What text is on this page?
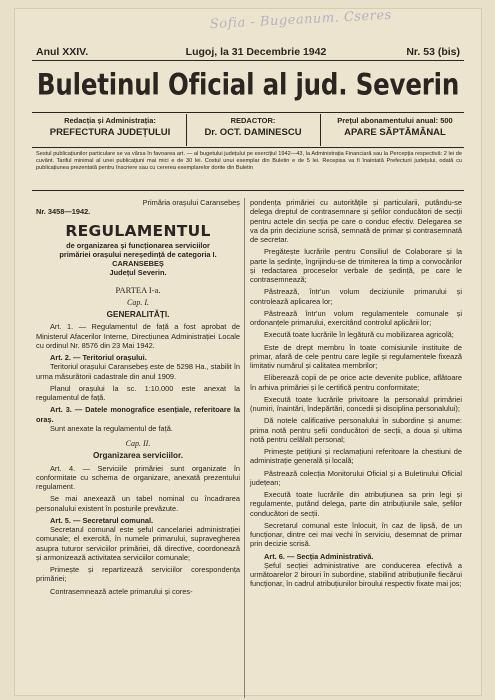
Sofia - Bugeanum. Cseres
Anul XXIV.	Lugoj, la 31 Decembrie 1942	Nr. 53 (bis)
Buletinul Oficial al jud. Severin
Redacția și Administrația:
PREFECTURA JUDEȚULUI
REDACTOR:
Dr. OCT. DAMINESCU
Prețul abonamentului anual: 500
APARE SĂPTĂMÂNAL
Sestul publicațiunilor particulare se va vărsa în favoarea art. — al bugetului județului pe exercițiul 1942—43, la Administrația Financiară sau la Percepția respectivă: 2 lei de cuvânt. Tariful minimal al unei publicațiuni mai mici e de 30 lei. Costul unui exemplar din Buletin e de 5 lei. Recepisa va fi înaintată Prefecturii județului, odată cu publicațiunea prezentată pentru înscriere sau cu cererea exemplarelor dorite din Buletin

Primăria orașului Caransebeș

Nr. 3458—1942.

REGULAMENTUL
de organizarea și funcționarea serviciilor
primăriei orașului nereședință de categoria I.
CARANSEBEȘ
Județul Severin.
PARTEA I-a.
Cap. I.
GENERALITĂȚI.

Art. 1. — Regulamentul de față a fost aprobat de Ministerul Afacerilor Interne, Direcțiunea Administrației Locale cu ordinul Nr. 8576 din 23 Mai 1942.

Art. 2. — Teritoriul orașului.

Teritoriul orașului Caransebeș este de 5298 Ha., stabilit în urma măsurătorii cadastrale din anul 1909.

Planul orașului la sc. 1:10.000 este anexat la regulamentul de față.

Art. 3. — Datele monografice esențiale, referitoare la oraș.

Sunt anexate la regulamentul de față.

Cap. II.
Organizarea serviciilor.

Art. 4. — Serviciile primăriei sunt organizate în conformitate cu schema de organizare, anexată prezentului regulament.

Se mai anexează un tabel nominal cu încadrarea personalului existent în posturile prevăzute.

Art. 5. — Secretarul comunal.

Secretarul comunal este șeful cancelariei administrației comunale; el exercită, în numele primarului, supravegherea asupra tuturor serviciilor primăriei, dă directive, coordonează și armonizează activitatea serviciilor comunale;

Primește și repartizează serviciilor corespondența primăriei;

Contrasemnează actele primarului și cores-

pondența primăriei cu autoritățile și particularii, putându-se delega dreptul de contrasemnare și șefilor conducători de secții pentru actele din secția pe care o conduc efectiv. Delegarea se va da prin deciziune scrisă, semnată de primar și contrasemnată de secretar.

Pregătește lucrările pentru Consiliul de Colaborare și la parte la ședințe, îngrijindu-se de trimiterea la timp a convocărilor și redactarea proceselor verbale de ședință, pe care le contrasemnează;

Păstrează, într'un volum deciziunile primarului și controlează aplicarea lor;

Păstrează într'un volum regulamentele comunale și ordonanțele primarului, exercitând controlul aplicării lor;

Execută toate lucrările în legătură cu mobilizarea agricolă;

Este de drept membru în toate comisiunile instituite de primar, afară de cele pentru care legile și regulamentele fixează limitativ numărul și calitatea membrilor;

Eliberează copii de pe orice acte devenite publice, aflătoare în arhiva primăriei și le certifică pentru conformitate;

Execută toate lucrările privitoare la personalul primăriei (numiri, înaintări, îndepărtări, concedii și disciplina personalului);

Dă notele calificative personalului în subordine și anume: prima notă pentru șefii conducători de secții, a doua și ultima notă pentru celălalt personal;

Primește petițiuni și reclamațiuni referitoare la chestiuni de administrație generală și locală;

Păstrează colecția Monitorului Oficial și a Buletinului Oficial județean;

Execută toate lucrările din atribuțiunea sa prin legi și regulamente, putând delega, parte din atribuțiunile sale, șefilor conducători de secții.

Secretarul comunal este înlocuit, în caz de lipsă, de un funcționar, dintre cei mai vechi în serviciu, desemnat de primar prin decizie scrisă.

Art. 6. — Secția Administrativă.

Șeful secției administrative are conducerea efectivă a următoarelor 2 birouri în subordine, stabilind atribuțiunile fiecărui funcționar, în cadrul atribuțiunilor biroului respectiv fixate mai jos;
